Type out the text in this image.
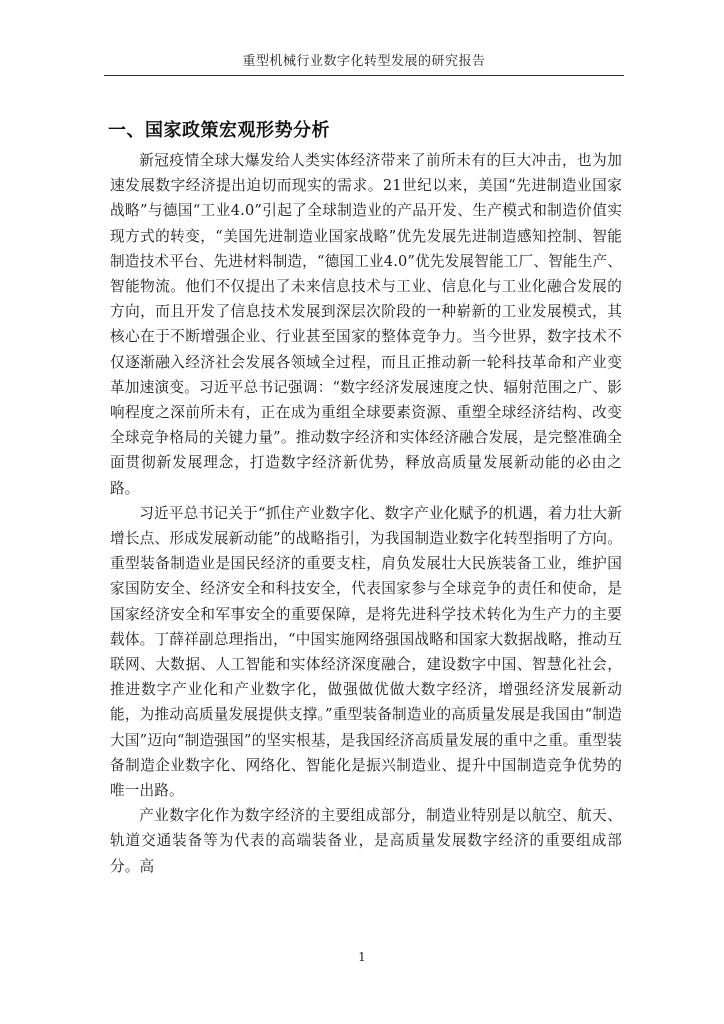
重型机械行业数字化转型发展的研究报告
一、国家政策宏观形势分析

新冠疫情全球大爆发给人类实体经济带来了前所未有的巨大冲击，也为加速发展数字经济提出迫切而现实的需求。21世纪以来，美国“先进制造业国家战略”与德国“工业4.0”引起了全球制造业的产品开发、生产模式和制造价值实现方式的转变，“美国先进制造业国家战略”优先发展先进制造感知控制、智能制造技术平台、先进材料制造，“德国工业4.0”优先发展智能工厂、智能生产、智能物流。他们不仅提出了未来信息技术与工业、信息化与工业化融合发展的方向，而且开发了信息技术发展到深层次阶段的一种崭新的工业发展模式，其核心在于不断增强企业、行业甚至国家的整体竞争力。当今世界，数字技术不仅逐渐融入经济社会发展各领域全过程，而且正推动新一轮科技革命和产业变革加速演变。习近平总书记强调：“数字经济发展速度之快、辐射范围之广、影响程度之深前所未有，正在成为重组全球要素资源、重塑全球经济结构、改变全球竞争格局的关键力量”。推动数字经济和实体经济融合发展，是完整准确全面贯彻新发展理念，打造数字经济新优势，释放高质量发展新动能的必由之路。

习近平总书记关于“抓住产业数字化、数字产业化赋予的机遇，着力壮大新增长点、形成发展新动能”的战略指引，为我国制造业数字化转型指明了方向。重型装备制造业是国民经济的重要支柱，肩负发展壮大民族装备工业，维护国家国防安全、经济安全和科技安全，代表国家参与全球竞争的责任和使命，是国家经济安全和军事安全的重要保障，是将先进科学技术转化为生产力的主要载体。丁薛祥副总理指出，“中国实施网络强国战略和国家大数据战略，推动互联网、大数据、人工智能和实体经济深度融合，建设数字中国、智慧化社会，推进数字产业化和产业数字化，做强做优做大数字经济，增强经济发展新动能，为推动高质量发展提供支撑。”重型装备制造业的高质量发展是我国由“制造大国”迈向“制造强国”的坚实根基，是我国经济高质量发展的重中之重。重型装备制造企业数字化、网络化、智能化是振兴制造业、提升中国制造竞争优势的唯一出路。

产业数字化作为数字经济的主要组成部分，制造业特别是以航空、航天、轨道交通装备等为代表的高端装备业，是高质量发展数字经济的重要组成部分。高

1
